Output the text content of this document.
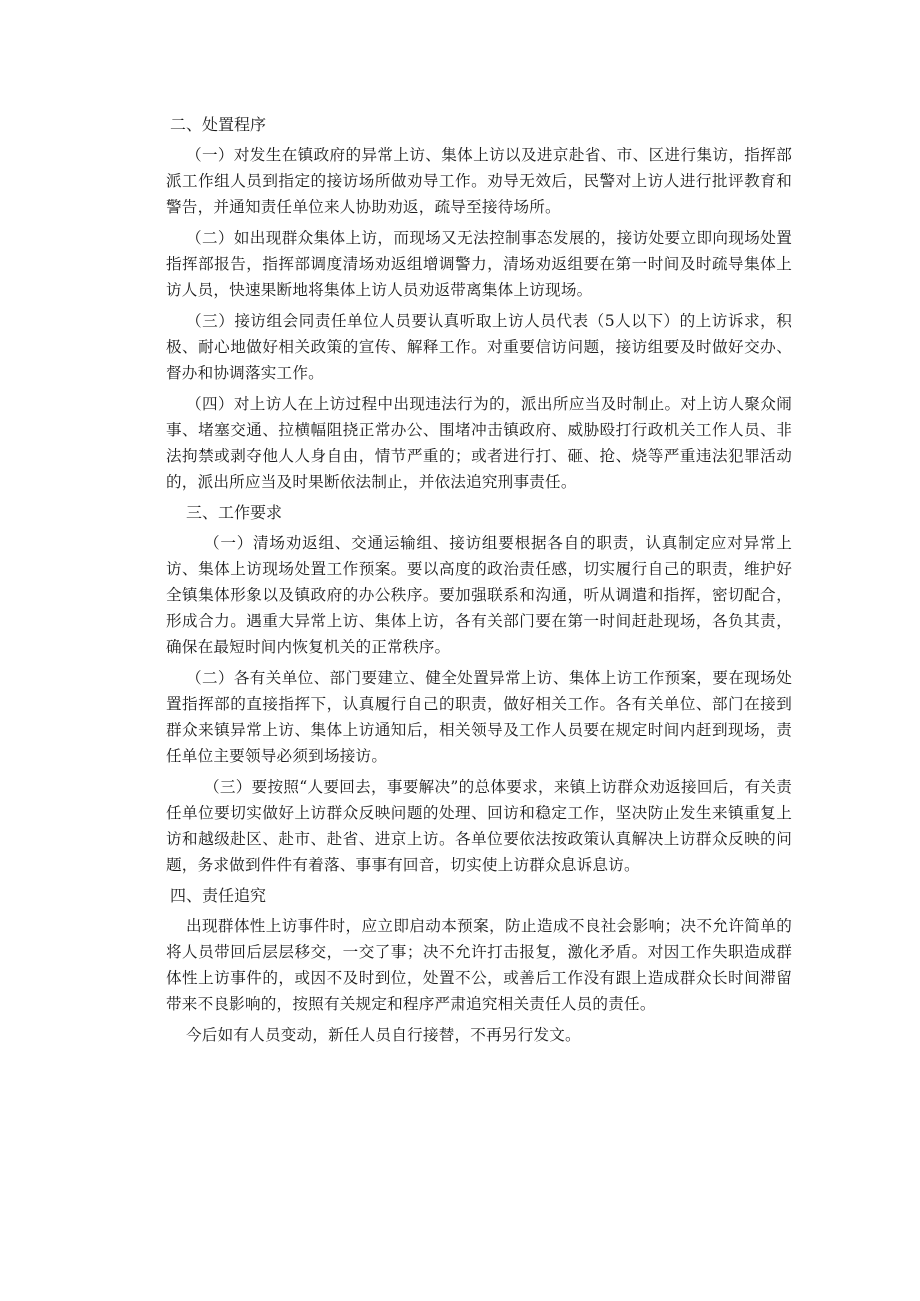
二、处置程序

（一）对发生在镇政府的异常上访、集体上访以及进京赴省、市、区进行集访，指挥部派工作组人员到指定的接访场所做劝导工作。劝导无效后，民警对上访人进行批评教育和警告，并通知责任单位来人协助劝返，疏导至接待场所。

（二）如出现群众集体上访，而现场又无法控制事态发展的，接访处要立即向现场处置指挥部报告，指挥部调度清场劝返组增调警力，清场劝返组要在第一时间及时疏导集体上访人员，快速果断地将集体上访人员劝返带离集体上访现场。

（三）接访组会同责任单位人员要认真听取上访人员代表（5人以下）的上访诉求，积极、耐心地做好相关政策的宣传、解释工作。对重要信访问题，接访组要及时做好交办、督办和协调落实工作。

（四）对上访人在上访过程中出现违法行为的，派出所应当及时制止。对上访人聚众闹事、堵塞交通、拉横幅阻挠正常办公、围堵冲击镇政府、威胁殴打行政机关工作人员、非法拘禁或剥夺他人人身自由，情节严重的；或者进行打、砸、抢、烧等严重违法犯罪活动的，派出所应当及时果断依法制止，并依法追究刑事责任。

三、工作要求

（一）清场劝返组、交通运输组、接访组要根据各自的职责，认真制定应对异常上访、集体上访现场处置工作预案。要以高度的政治责任感，切实履行自己的职责，维护好全镇集体形象以及镇政府的办公秩序。要加强联系和沟通，听从调遣和指挥，密切配合，形成合力。遇重大异常上访、集体上访，各有关部门要在第一时间赶赴现场，各负其责，确保在最短时间内恢复机关的正常秩序。

（二）各有关单位、部门要建立、健全处置异常上访、集体上访工作预案，要在现场处置指挥部的直接指挥下，认真履行自己的职责，做好相关工作。各有关单位、部门在接到群众来镇异常上访、集体上访通知后，相关领导及工作人员要在规定时间内赶到现场，责任单位主要领导必须到场接访。

（三）要按照“人要回去，事要解决”的总体要求，来镇上访群众劝返接回后，有关责任单位要切实做好上访群众反映问题的处理、回访和稳定工作，坚决防止发生来镇重复上访和越级赴区、赴市、赴省、进京上访。各单位要依法按政策认真解决上访群众反映的问题，务求做到件件有着落、事事有回音，切实使上访群众息诉息访。

四、责任追究

出现群体性上访事件时，应立即启动本预案，防止造成不良社会影响；决不允许简单的将人员带回后层层移交，一交了事；决不允许打击报复，激化矛盾。对因工作失职造成群体性上访事件的，或因不及时到位，处置不公，或善后工作没有跟上造成群众长时间滞留带来不良影响的，按照有关规定和程序严肃追究相关责任人员的责任。

今后如有人员变动，新任人员自行接替，不再另行发文。
